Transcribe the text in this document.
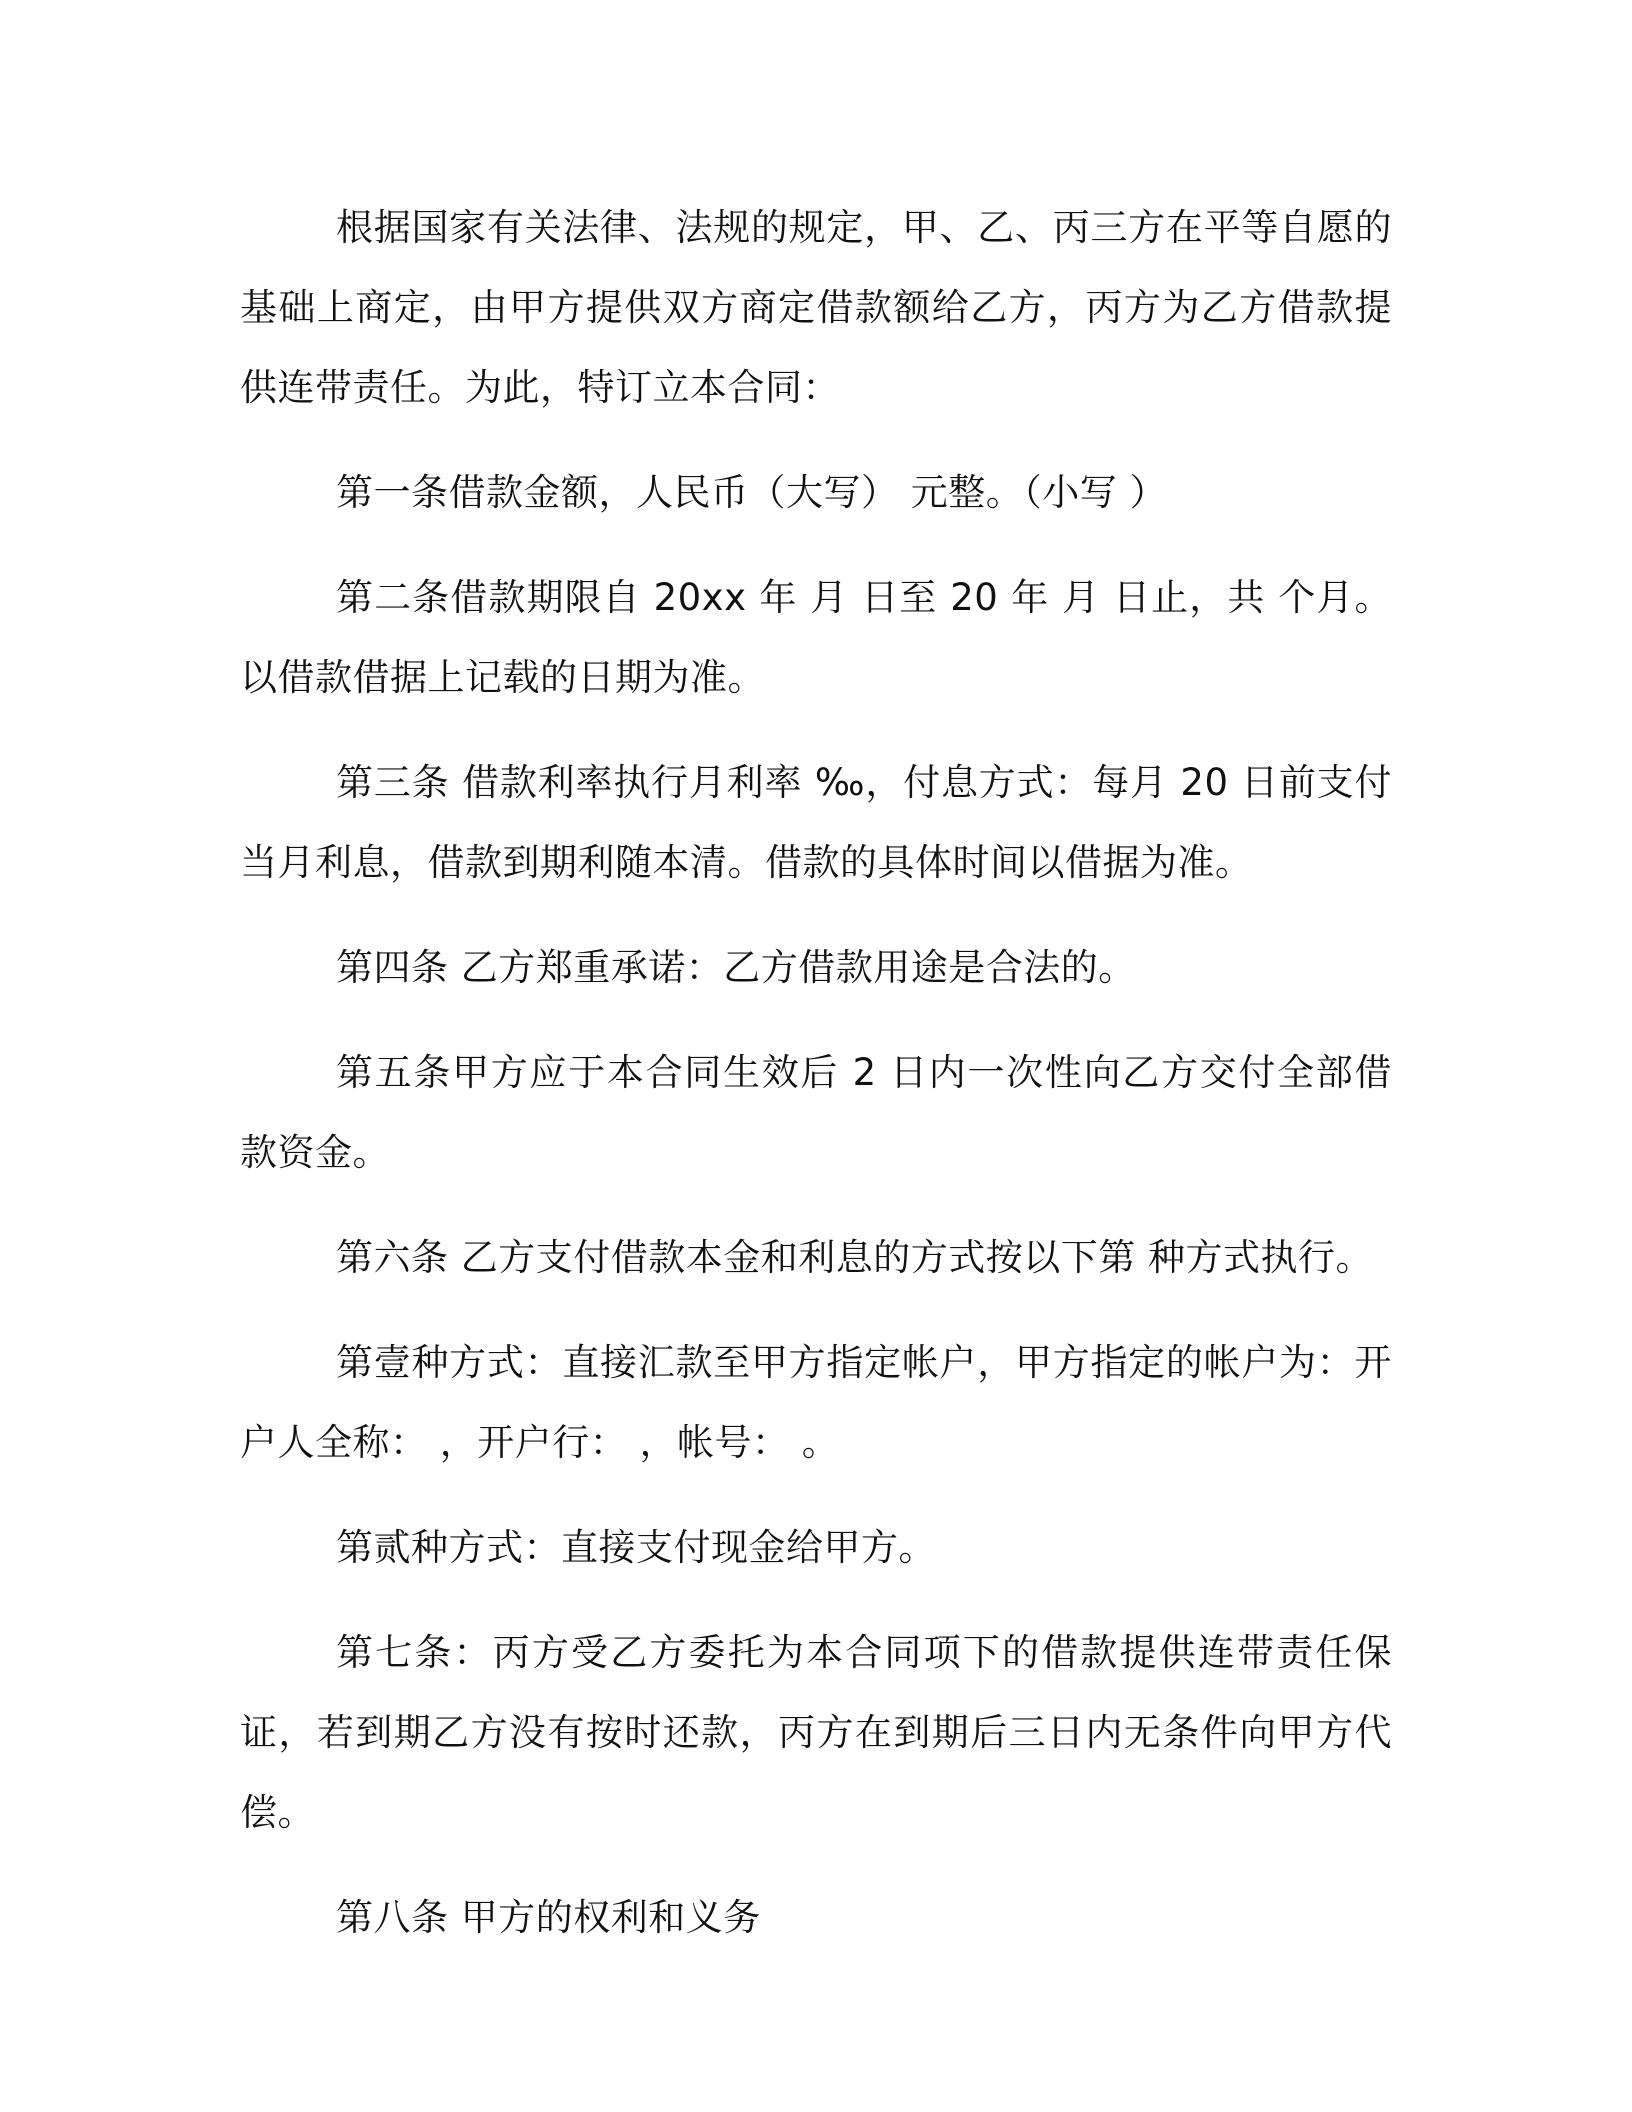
根据国家有关法律、法规的规定，甲、乙、丙三方在平等自愿的基础上商定，由甲方提供双方商定借款额给乙方，丙方为乙方借款提供连带责任。为此，特订立本合同：

第一条借款金额，人民币（大写） 元整。（小写 ）

第二条借款期限自 20xx 年 月 日至 20 年 月 日止，共 个月。以借款借据上记载的日期为准。

第三条 借款利率执行月利率 ‰，付息方式：每月 20 日前支付当月利息，借款到期利随本清。借款的具体时间以借据为准。

第四条 乙方郑重承诺：乙方借款用途是合法的。

第五条甲方应于本合同生效后 2 日内一次性向乙方交付全部借款资金。

第六条 乙方支付借款本金和利息的方式按以下第 种方式执行。

第壹种方式：直接汇款至甲方指定帐户，甲方指定的帐户为：开户人全称： ，开户行： ，帐号： 。

第贰种方式：直接支付现金给甲方。

第七条：丙方受乙方委托为本合同项下的借款提供连带责任保证，若到期乙方没有按时还款，丙方在到期后三日内无条件向甲方代偿。

第八条 甲方的权利和义务
